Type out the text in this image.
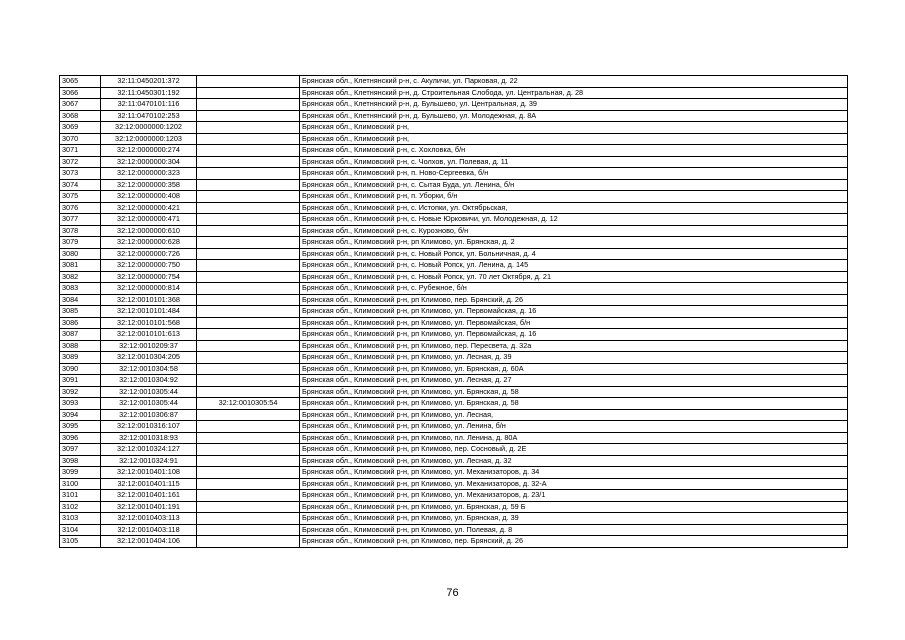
3065	32:11:0450201:372		Брянская обл., Клетнянский р-н, с. Акуличи, ул. Парковая, д. 22
3066	32:11:0450301:192		Брянская обл., Клетнянский р-н, д. Строительная Слобода, ул. Центральная, д. 28
3067	32:11:0470101:116		Брянская обл., Клетнянский р-н, д. Бульшево, ул. Центральная, д. 39
3068	32:11:0470102:253		Брянская обл., Клетнянский р-н, д. Бульшево, ул. Молодежная, д. 8А
3069	32:12:0000000:1202		Брянская обл., Климовский р-н,
3070	32:12:0000000:1203		Брянская обл., Климовский р-н,
3071	32:12:0000000:274		Брянская обл., Климовский р-н, с. Хохловка, б/н
3072	32:12:0000000:304		Брянская обл., Климовский р-н, с. Чолхов, ул. Полевая, д. 11
3073	32:12:0000000:323		Брянская обл., Климовский р-н, п. Ново-Сергеевка, б/н
3074	32:12:0000000:358		Брянская обл., Климовский р-н, с. Сытая Буда, ул. Ленина, б/н
3075	32:12:0000000:408		Брянская обл., Климовский р-н, п. Уборки, б/н
3076	32:12:0000000:421		Брянская обл., Климовский р-н, с. Истопки, ул. Октябрьская,
3077	32:12:0000000:471		Брянская обл., Климовский р-н, с. Новые Юрковичи, ул. Молодежная, д. 12
3078	32:12:0000000:610		Брянская обл., Климовский р-н, с. Курозново, б/н
3079	32:12:0000000:628		Брянская обл., Климовский р-н, рп Климово, ул. Брянская, д. 2
3080	32:12:0000000:726		Брянская обл., Климовский р-н, с. Новый Ропск, ул. Больничная, д. 4
3081	32:12:0000000:750		Брянская обл., Климовский р-н, с. Новый Ропск, ул. Ленина, д. 145
3082	32:12:0000000:754		Брянская обл., Климовский р-н, с. Новый Ропск, ул. 70 лет Октября, д. 21
3083	32:12:0000000:814		Брянская обл., Климовский р-н, с. Рубежное, б/н
3084	32:12:0010101:368		Брянская обл., Климовский р-н, рп Климово, пер. Брянский, д. 26
3085	32:12:0010101:484		Брянская обл., Климовский р-н, рп Климово, ул. Первомайская, д. 16
3086	32:12:0010101:568		Брянская обл., Климовский р-н, рп Климово, ул. Первомайская, б/н
3087	32:12:0010101:613		Брянская обл., Климовский р-н, рп Климово, ул. Первомайская, д. 16
3088	32:12:0010209:37		Брянская обл., Климовский р-н, рп Климово, пер. Пересвета, д. 32а
3089	32:12:0010304:205		Брянская обл., Климовский р-н, рп Климово, ул. Лесная, д. 39
3090	32:12:0010304:58		Брянская обл., Климовский р-н, рп Климово, ул. Брянская, д. 60А
3091	32:12:0010304:92		Брянская обл., Климовский р-н, рп Климово, ул. Лесная, д. 27
3092	32:12:0010305:44		Брянская обл., Климовский р-н, рп Климово, ул. Брянская, д. 58
3093	32:12:0010305:44	32:12:0010305:54	Брянская обл., Климовский р-н, рп Климово, ул. Брянская, д. 58
3094	32:12:0010306:87		Брянская обл., Климовский р-н, рп Климово, ул. Лесная,
3095	32:12:0010316:107		Брянская обл., Климовский р-н, рп Климово, ул. Ленина, б/н
3096	32:12:0010318:93		Брянская обл., Климовский р-н, рп Климово, пл. Ленина, д. 80А
3097	32:12:0010324:127		Брянская обл., Климовский р-н, рп Климово, пер. Сосновый, д. 2Е
3098	32:12:0010324:91		Брянская обл., Климовский р-н, рп Климово, ул. Лесная, д. 32
3099	32:12:0010401:108		Брянская обл., Климовский р-н, рп Климово, ул. Механизаторов, д. 34
3100	32:12:0010401:115		Брянская обл., Климовский р-н, рп Климово, ул. Механизаторов, д. 32-А
3101	32:12:0010401:161		Брянская обл., Климовский р-н, рп Климово, ул. Механизаторов, д. 23/1
3102	32:12:0010401:191		Брянская обл., Климовский р-н, рп Климово, ул. Брянская, д. 59 Б
3103	32:12:0010403:113		Брянская обл., Климовский р-н, рп Климово, ул. Брянская, д. 39
3104	32:12:0010403:118		Брянская обл., Климовский р-н, рп Климово, ул. Полевая, д. 8
3105	32:12:0010404:106		Брянская обл., Климовский р-н, рп Климово, пер. Брянский, д. 26
76
